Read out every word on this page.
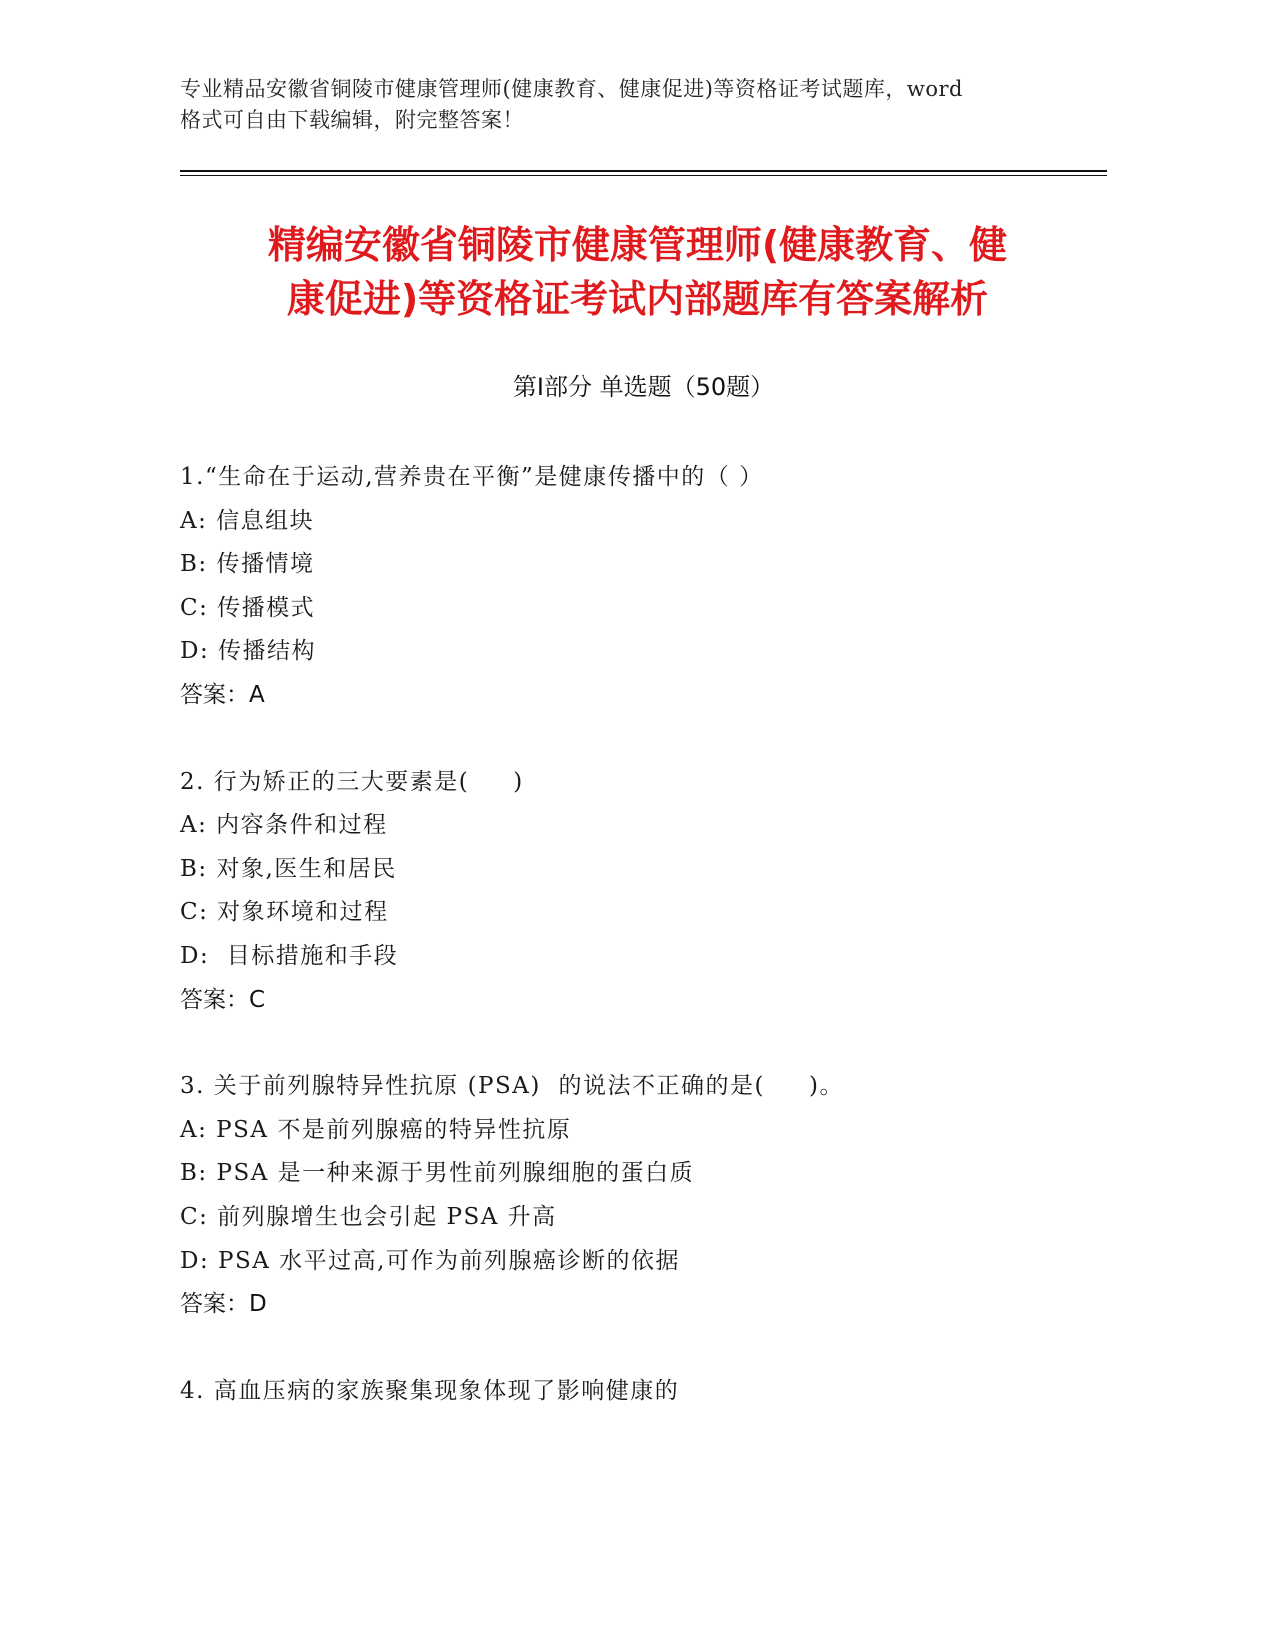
专业精品安徽省铜陵市健康管理师(健康教育、健康促进)等资格证考试题库，word
格式可自由下载编辑，附完整答案！
精编安徽省铜陵市健康管理师(健康教育、健
康促进)等资格证考试内部题库有答案解析
第Ⅰ部分 单选题（50题）
1.“生命在于运动,营养贵在平衡”是健康传播中的（ ）
A: 信息组块
B: 传播情境
C: 传播模式
D: 传播结构
答案：A
2. 行为矫正的三大要素是(     )
A: 内容条件和过程
B: 对象,医生和居民
C: 对象环境和过程
D:  目标措施和手段
答案：C
3. 关于前列腺特异性抗原 (PSA)  的说法不正确的是(     )。
A: PSA 不是前列腺癌的特异性抗原
B: PSA 是一种来源于男性前列腺细胞的蛋白质
C: 前列腺增生也会引起 PSA 升高
D: PSA 水平过高,可作为前列腺癌诊断的依据
答案：D
4. 高血压病的家族聚集现象体现了影响健康的
